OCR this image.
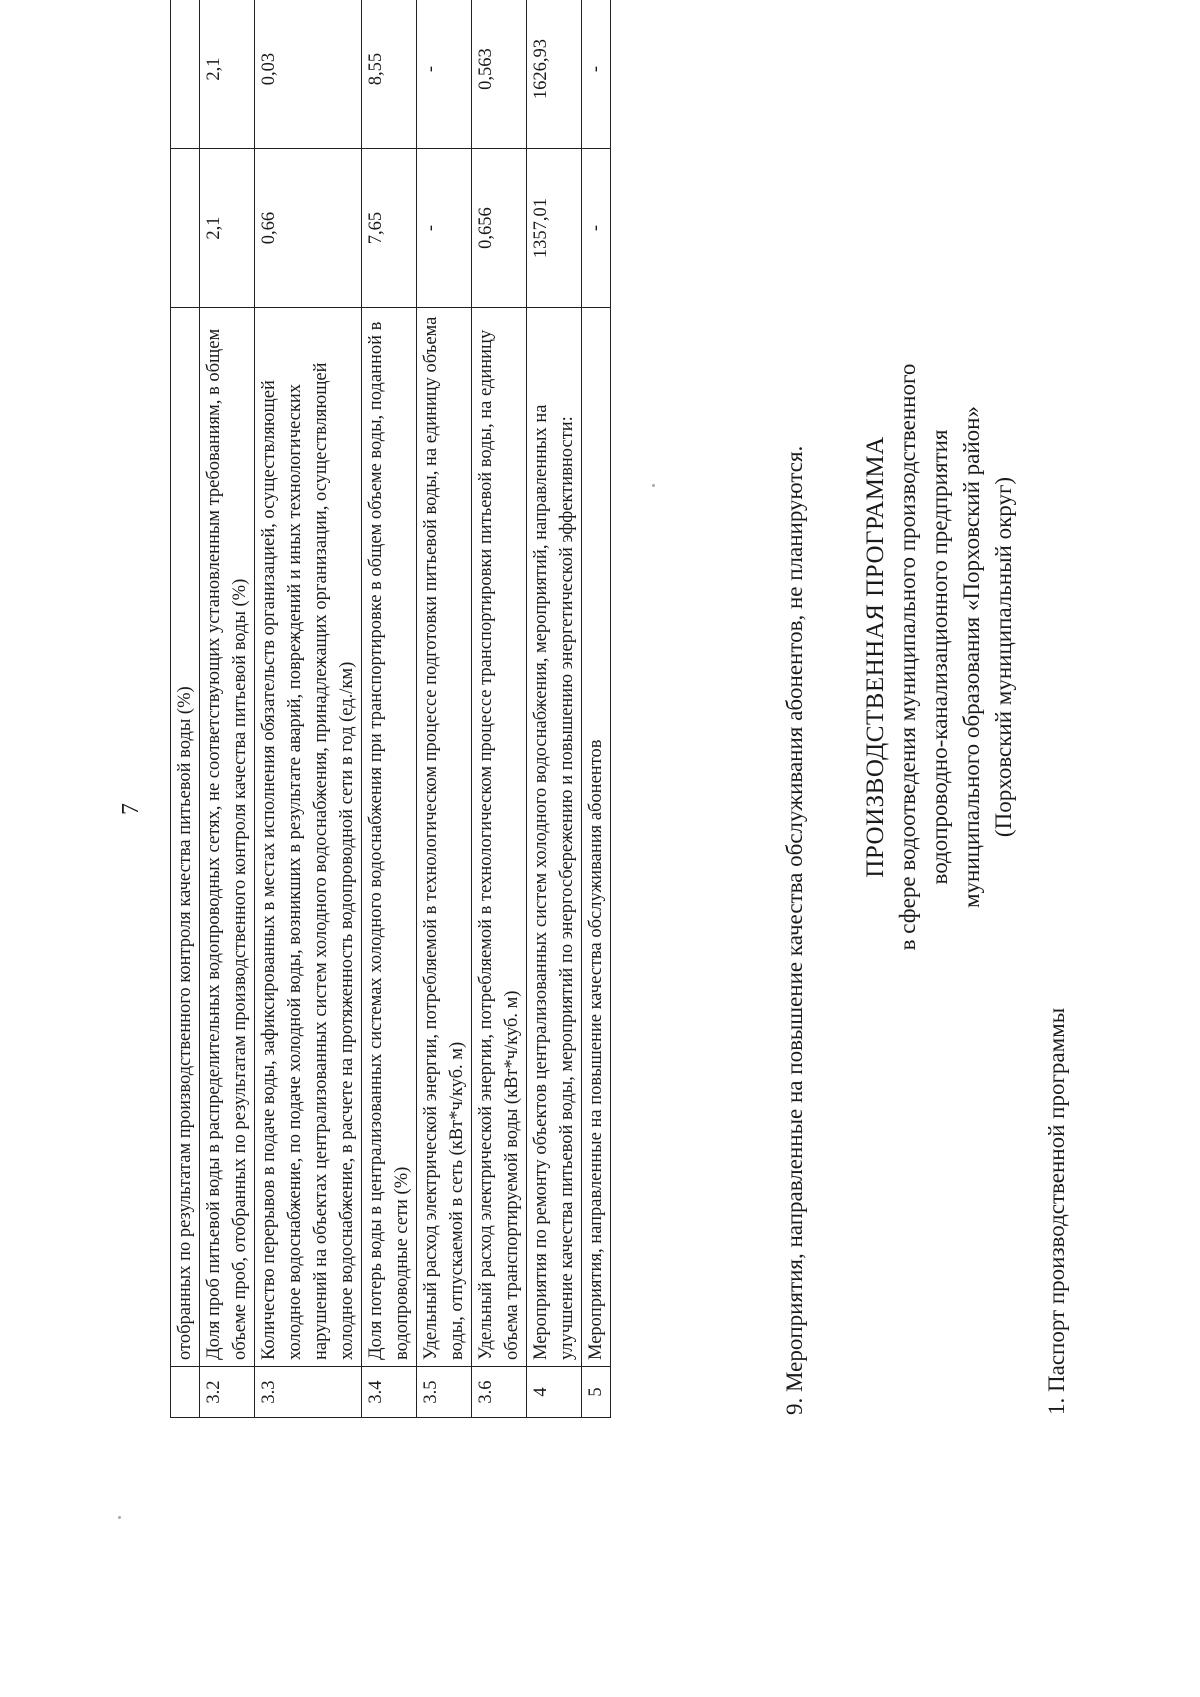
7
	отобранных по результатам производственного контроля качества питьевой воды (%)		
3.2	Доля проб питьевой воды в распределительных водопроводных сетях, не соответствующих установленным требованиям, в общем объеме проб, отобранных по результатам производственного контроля качества питьевой воды (%)	2,1	2,1
3.3	Количество перерывов в подаче воды, зафиксированных в местах исполнения обязательств организацией, осуществляющей холодное водоснабжение, по подаче холодной воды, возникших в результате аварий, повреждений и иных технологических нарушений на объектах централизованных систем холодного водоснабжения, принадлежащих организации, осуществляющей холодное водоснабжение, в расчете на протяженность водопроводной сети в год (ед./км)	0,66	0,03
3.4	Доля потерь воды в централизованных системах холодного водоснабжения при транспортировке в общем объеме воды, поданной в водопроводные сети (%)	7,65	8,55
3.5	Удельный расход электрической энергии, потребляемой в технологическом процессе подготовки питьевой воды, на единицу объема воды, отпускаемой в сеть (кВт*ч/куб. м)	-	-
3.6	Удельный расход электрической энергии, потребляемой в технологическом процессе транспортировки питьевой воды, на единицу объема транспортируемой воды (кВт*ч/куб. м)	0,656	0,563
4	Мероприятия по ремонту объектов централизованных систем холодного водоснабжения, мероприятий, направленных на улучшение качества питьевой воды, мероприятий по энергосбережению и повышению энергетической эффективности:	1357,01	1626,93
5	Мероприятия, направленные на повышение качества обслуживания абонентов	-	-
9. Мероприятия, направленные на повышение качества обслуживания абонентов, не планируются. ПРОИЗВОДСТВЕННАЯ ПРОГРАММА в сфере водоотведения муниципального производственного водопроводно-канализационного предприятия муниципального образования «Порховский район» (Порховский муниципальный округ)
1. Паспорт производственной программы
